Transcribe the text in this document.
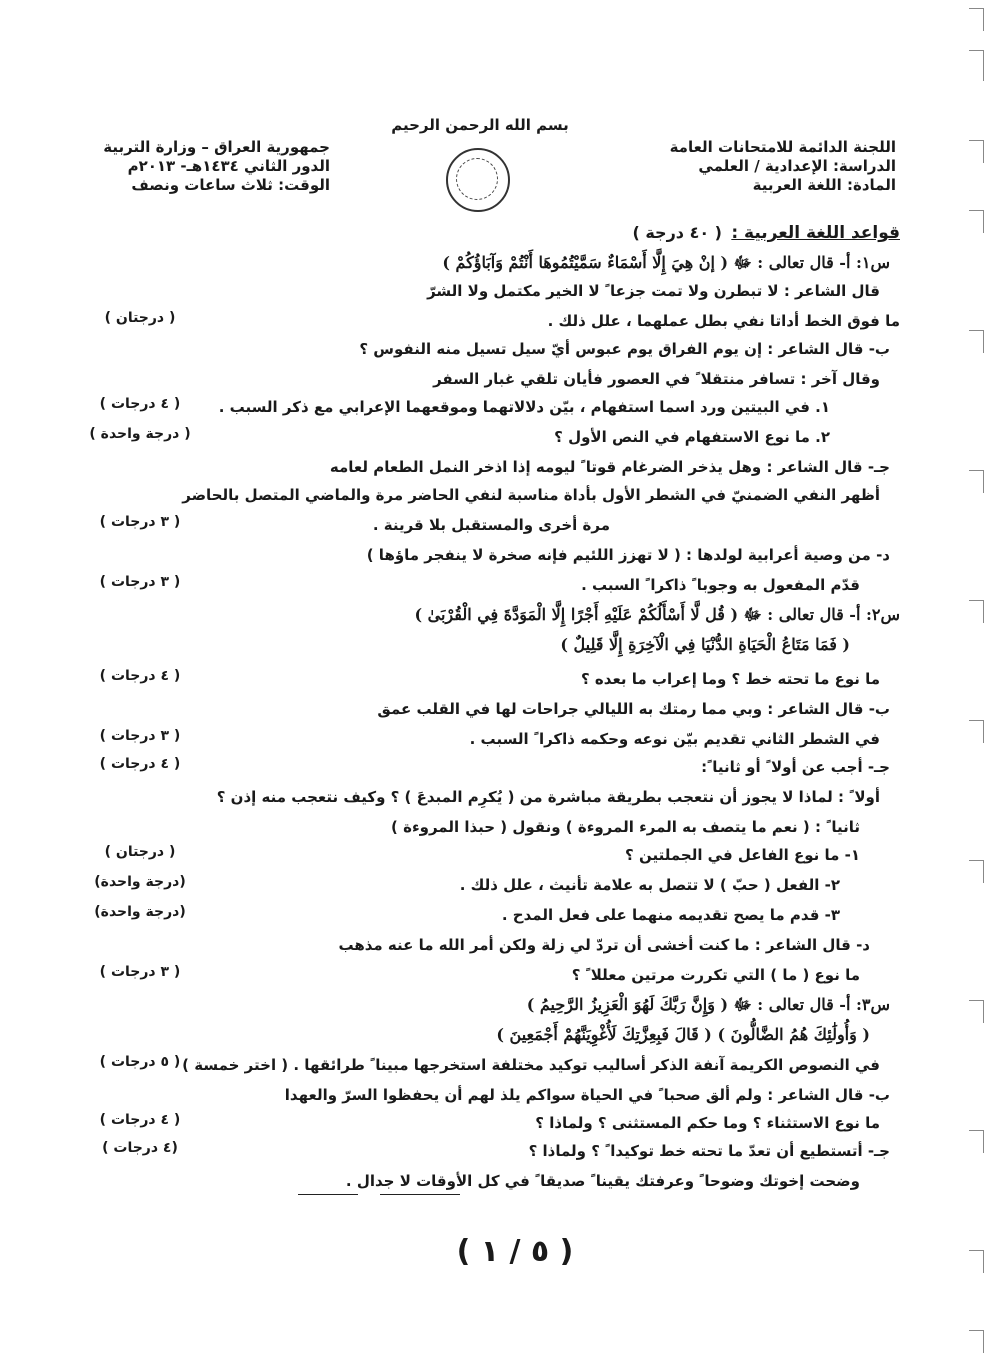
بسم الله الرحمن الرحيم
اللجنة الدائمة للامتحانات العامة
الدراسة: الإعدادية / العلمي
المادة: اللغة العربية
جمهورية العراق – وزارة التربية
الدور الثاني ١٤٣٤هـ- ٢٠١٣م
الوقت: ثلاث ساعات ونصف
قواعد اللغة العربية :
( ٤٠ درجة )
س١: أ- قال تعالى : ﷻ ( إنْ هِيَ إِلَّا أَسْمَاءٌ سَمَّيْتُمُوهَا أَنْتُمْ وَآبَاؤُكُمْ )
قال الشاعر : لا تبطرن ولا تمت جزعا ً لا الخير مكتمل ولا الشرّ
ما فوق الخط أداتا نفي بطل عملهما ، علل ذلك .
( درجتان )
ب- قال الشاعر : إن يوم الفراق يوم عبوس أيّ سيل تسيل منه النفوس ؟
وقال آخر : تسافر منتقلا ً في العصور فأيان تلقي غبار السفر
١. في البيتين ورد اسما استفهام ، بيّن دلالاتهما وموقعهما الإعرابي مع ذكر السبب .
( ٤ درجات )
٢. ما نوع الاستفهام في النص الأول ؟
( درجة واحدة )
جـ- قال الشاعر : وهل يذخر الضرغام قوتا ً ليومه إذا اذخر النمل الطعام لعامه
أظهر النفي الضمنيّ في الشطر الأول بأداة مناسبة لنفي الحاضر مرة والماضي المتصل بالحاضر
مرة أخرى والمستقبل بلا قرينة .
( ٣ درجات )
د- من وصية أعرابية لولدها : ( لا تهزز اللئيم فإنه صخرة لا ينفجر ماؤها )
قدّم المفعول به وجوبا ً ذاكرا ً السبب .
( ٣ درجات )
س٢: أ- قال تعالى : ﷻ ( قُل لَّا أَسْأَلُكُمْ عَلَيْهِ أَجْرًا إِلَّا الْمَوَدَّةَ فِي الْقُرْبَىٰ )
( فَمَا مَتَاعُ الْحَيَاةِ الدُّنْيَا فِي الْآخِرَةِ إِلَّا قَلِيلٌ )
ما نوع ما تحته خط ؟ وما إعراب ما بعده ؟
( ٤ درجات )
ب- قال الشاعر : وبي مما رمتك به الليالي جراحات لها في القلب عمق
في الشطر الثاني تقديم بيّن نوعه وحكمه ذاكرا ً السبب .
( ٣ درجات )
جـ- أجب عن أولا ً أو ثانيا ً:
( ٤ درجات )
أولا ً : لماذا لا يجوز أن نتعجب بطريقة مباشرة من ( يُكرِم المبدعَ ) ؟ وكيف نتعجب منه إذن ؟
ثانيا ً : ( نعم ما يتصف به المرء المروءة ) ونقول ( حبذا المروءة )
١- ما نوع الفاعل في الجملتين ؟
( درجتان )
٢- الفعل ( حبّ ) لا تتصل به علامة تأنيث ، علل ذلك .
(درجة واحدة)
٣- قدم ما يصح تقديمه منهما على فعل المدح .
(درجة واحدة)
د- قال الشاعر : ما كنت أخشى أن تردّ لي زلة ولكن أمر الله ما عنه مذهب
ما نوع ( ما ) التي تكررت مرتين معللا ً ؟
( ٣ درجات )
س٣: أ- قال تعالى : ﷻ ( وَإِنَّ رَبَّكَ لَهُوَ الْعَزِيزُ الرَّحِيمُ )
( وَأُولَٰئِكَ هُمُ الضَّالُّونَ ) ( قَالَ فَبِعِزَّتِكَ لَأُغْوِيَنَّهُمْ أَجْمَعِينَ )
في النصوص الكريمة آنفة الذكر أساليب توكيد مختلفة استخرجها مبينا ً طرائقها . ( اختر خمسة )
( ٥ درجات )
ب- قال الشاعر : ولم ألق صحبا ً في الحياة سواكم يلذ لهم أن يحفظوا السرّ والعهدا
ما نوع الاستثناء ؟ وما حكم المستثنى ؟ ولماذا ؟
( ٤ درجات )
جـ- أتستطيع أن تعدّ ما تحته خط توكيدا ً ؟ ولماذا ؟
(٤ درجات )
وضحت إخوتك وضوحا ً وعرفتك يقينا ً صديقا ً في كل الأوقات لا جدال .
( ٥ / ١ )
